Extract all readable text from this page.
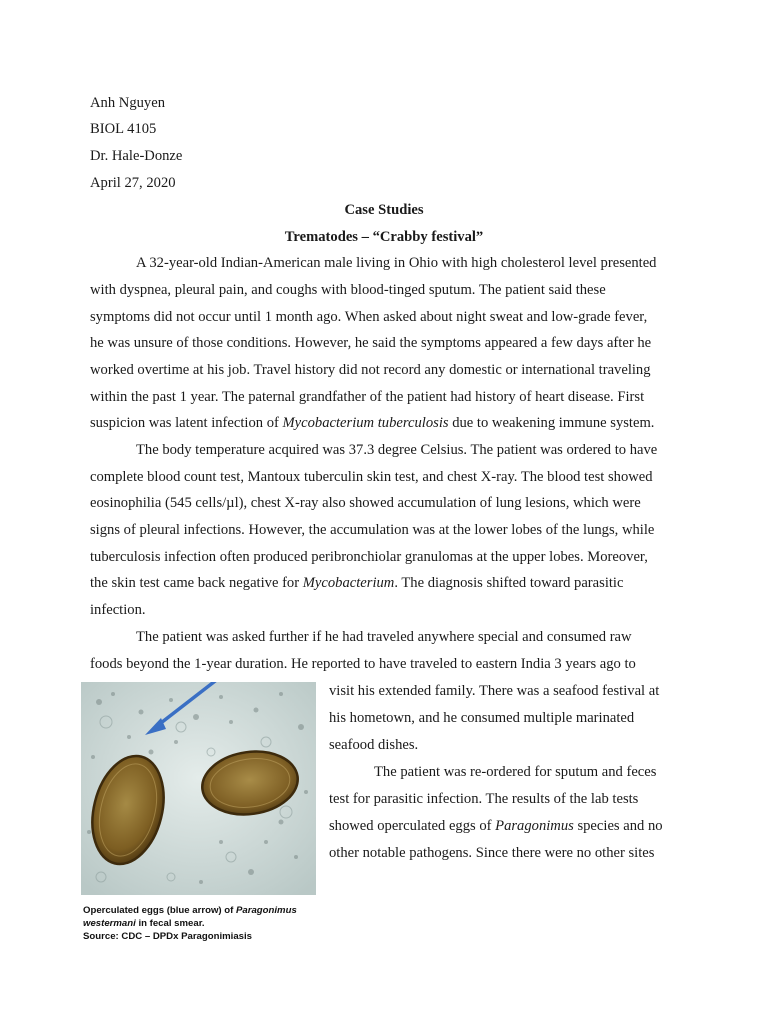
Anh Nguyen
BIOL 4105
Dr. Hale-Donze
April 27, 2020
Case Studies
Trematodes – “Crabby festival”
A 32-year-old Indian-American male living in Ohio with high cholesterol level presented
with dyspnea, pleural pain, and coughs with blood-tinged sputum. The patient said these
symptoms did not occur until 1 month ago. When asked about night sweat and low-grade fever,
he was unsure of those conditions. However, he said the symptoms appeared a few days after he
worked overtime at his job. Travel history did not record any domestic or international traveling
within the past 1 year. The paternal grandfather of the patient had history of heart disease. First
suspicion was latent infection of Mycobacterium tuberculosis due to weakening immune system.
The body temperature acquired was 37.3 degree Celsius. The patient was ordered to have
complete blood count test, Mantoux tuberculin skin test, and chest X-ray. The blood test showed
eosinophilia (545 cells/µl), chest X-ray also showed accumulation of lung lesions, which were
signs of pleural infections. However, the accumulation was at the lower lobes of the lungs, while
tuberculosis infection often produced peribronchiolar granulomas at the upper lobes. Moreover,
the skin test came back negative for Mycobacterium. The diagnosis shifted toward parasitic
infection.
The patient was asked further if he had traveled anywhere special and consumed raw
foods beyond the 1-year duration. He reported to have traveled to eastern India 3 years ago to
visit his extended family. There was a seafood festival at
his hometown, and he consumed multiple marinated
seafood dishes.
The patient was re-ordered for sputum and feces
test for parasitic infection. The results of the lab tests
showed operculated eggs of Paragonimus species and no
other notable pathogens. Since there were no other sites
Operculated eggs (blue arrow) of Paragonimus
westermani in fecal smear.
Source: CDC – DPDx Paragonimiasis
